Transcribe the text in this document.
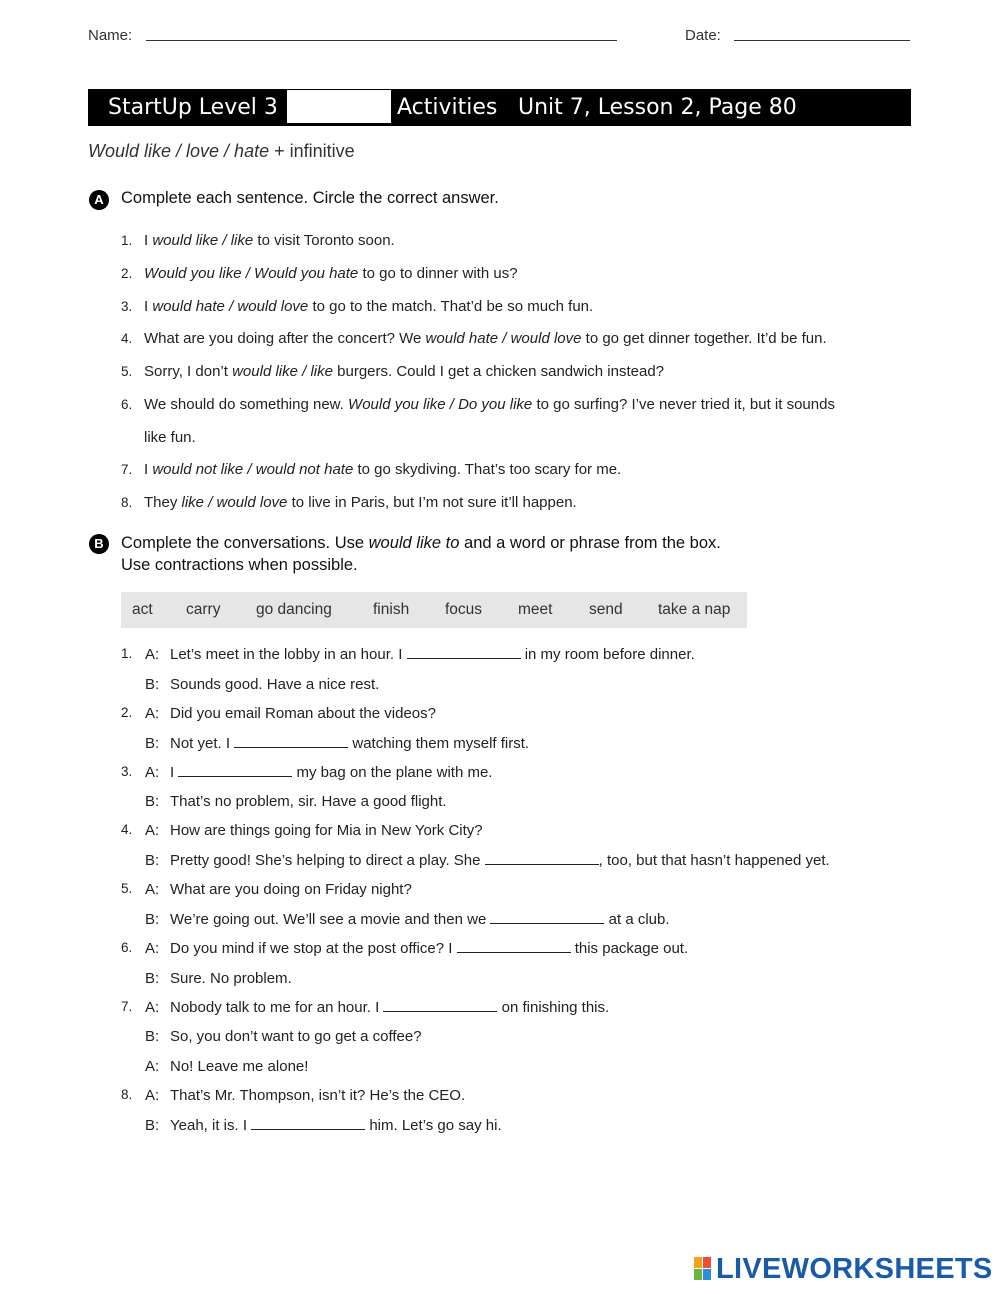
Name:	Date:
StartUp Level 3	Activities Unit 7, Lesson 2, Page 80
Would like / love / hate + infinitive
A	Complete each sentence. Circle the correct answer.
1. I would like / like to visit Toronto soon.
2. Would you like / Would you hate to go to dinner with us?
3. I would hate / would love to go to the match. That’d be so much fun.
4. What are you doing after the concert? We would hate / would love to go get dinner together. It’d be fun.
5. Sorry, I don’t would like / like burgers. Could I get a chicken sandwich instead?
6. We should do something new. Would you like / Do you like to go surfing? I’ve never tried it, but it sounds
like fun.
7. I would not like / would not hate to go skydiving. That’s too scary for me.
8. They like / would love to live in Paris, but I’m not sure it’ll happen.
B	Complete the conversations. Use would like to and a word or phrase from the box.
Use contractions when possible.
act carry go dancing	finish focus meet send take a nap
1. A: Let’s meet in the lobby in an hour. I	in my room before dinner.
B: Sounds good. Have a nice rest.
2. A: Did you email Roman about the videos?
B: Not yet. I	watching them myself first.
3. A: I	my bag on the plane with me.
B: That’s no problem, sir. Have a good flight.
4. A: How are things going for Mia in New York City?
B: Pretty good! She’s helping to direct a play. She	, too, but that hasn’t happened yet.
5. A: What are you doing on Friday night?
B: We’re going out. We’ll see a movie and then we	at a club.
6. A: Do you mind if we stop at the post office? I	this package out.
B: Sure. No problem.
7. A: Nobody talk to me for an hour. I	on finishing this.
B: So, you don’t want to go get a coffee?
A: No! Leave me alone!
8. A: That’s Mr. Thompson, isn’t it? He’s the CEO.
B: Yeah, it is. I	him. Let’s go say hi.
LIVEWORKSHEETS
